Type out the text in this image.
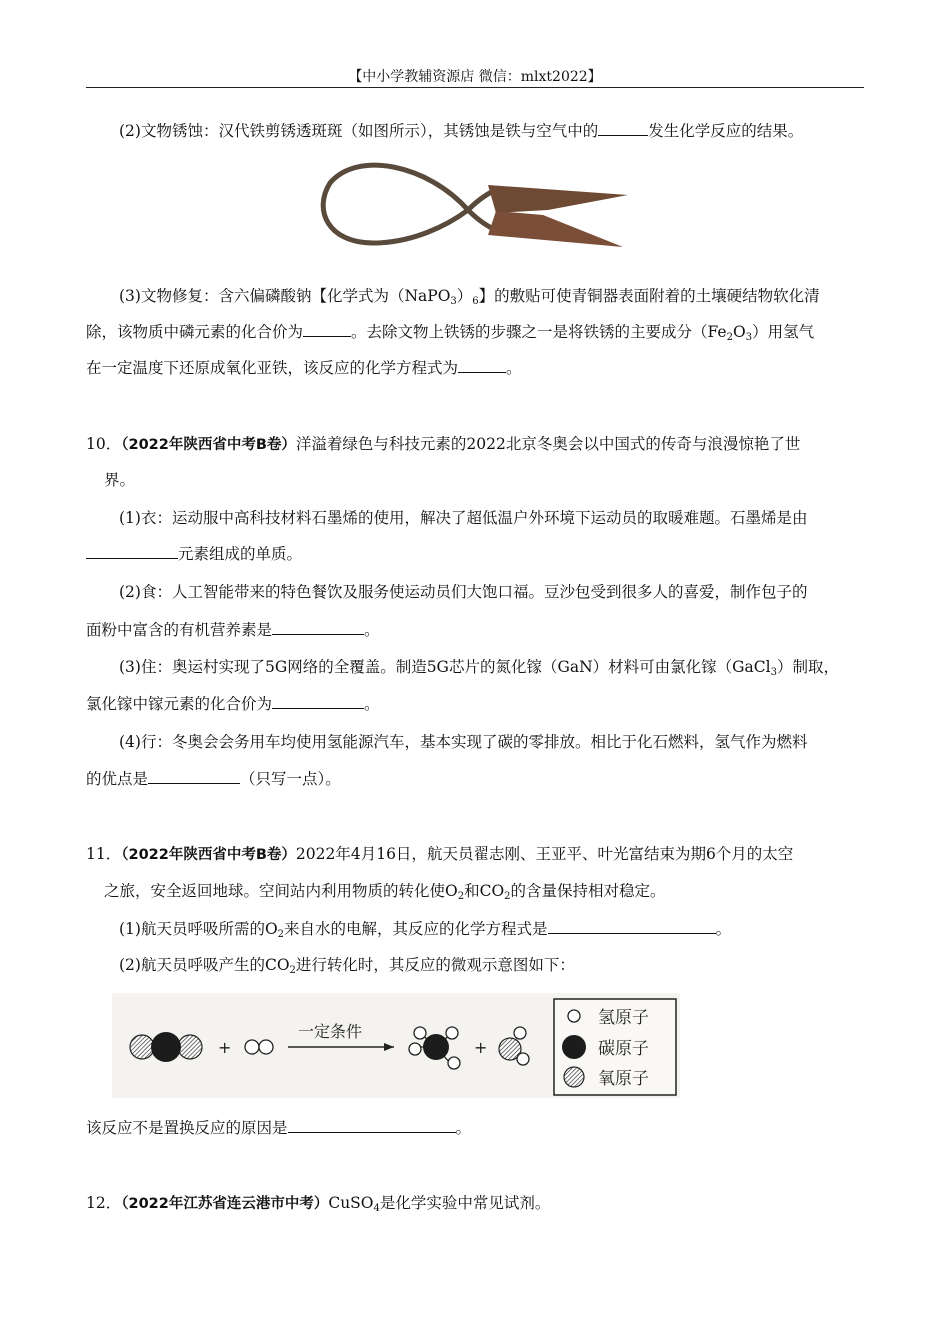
【中小学教辅资源店 微信：mlxt2022】
(2)文物锈蚀：汉代铁剪锈透斑斑（如图所示），其锈蚀是铁与空气中的	发生化学反应的结果。
(3)文物修复：含六偏磷酸钠【化学式为$(NaPO_3)_6$】的敷贴可使青铜器表面附着的土壤硬结物软化清
除，该物质中磷元素的化合价为	。去除文物上铁锈的步骤之一是将铁锈的主要成分$(Fe_2O_3)$用氢气
在一定温度下还原成氧化亚铁，该反应的化学方程式为	。
10．（2022年陕西省中考B卷）洋溢着绿色与科技元素的2022北京冬奥会以中国式的传奇与浪漫惊艳了世
界。
(1)衣：运动服中高科技材料石墨烯的使用，解决了超低温户外环境下运动员的取暖难题。石墨烯是由
元素组成的单质。
(2)食：人工智能带来的特色餐饮及服务使运动员们大饱口福。豆沙包受到很多人的喜爱，制作包子的
面粉中富含的有机营养素是	。
(3)住：奥运村实现了5G网络的全覆盖。制造5G芯片的氮化镓（GaN）材料可由氯化镓（GaCl$_3$）制取，
氯化镓中镓元素的化合价为	。
(4)行：冬奥会会务用车均使用氢能源汽车，基本实现了碳的零排放。相比于化石燃料，氢气作为燃料
的优点是	（只写一点）。
11．（2022年陕西省中考B卷）2022年4月16日，航天员翟志刚、王亚平、叶光富结束为期6个月的太空
之旅，安全返回地球。空间站内利用物质的转化使$O_2$和$CO_2$的含量保持相对稳定。
(1)航天员呼吸所需的$O_2$来自水的电解，其反应的化学方程式是	。
(2)航天员呼吸产生的$CO_2$进行转化时，其反应的微观示意图如下：
+
一定条件
+
氢原子
碳原子
氧原子
该反应不是置换反应的原因是	。
12．（2022年江苏省连云港市中考）CuSO$_4$是化学实验中常见试剂。
